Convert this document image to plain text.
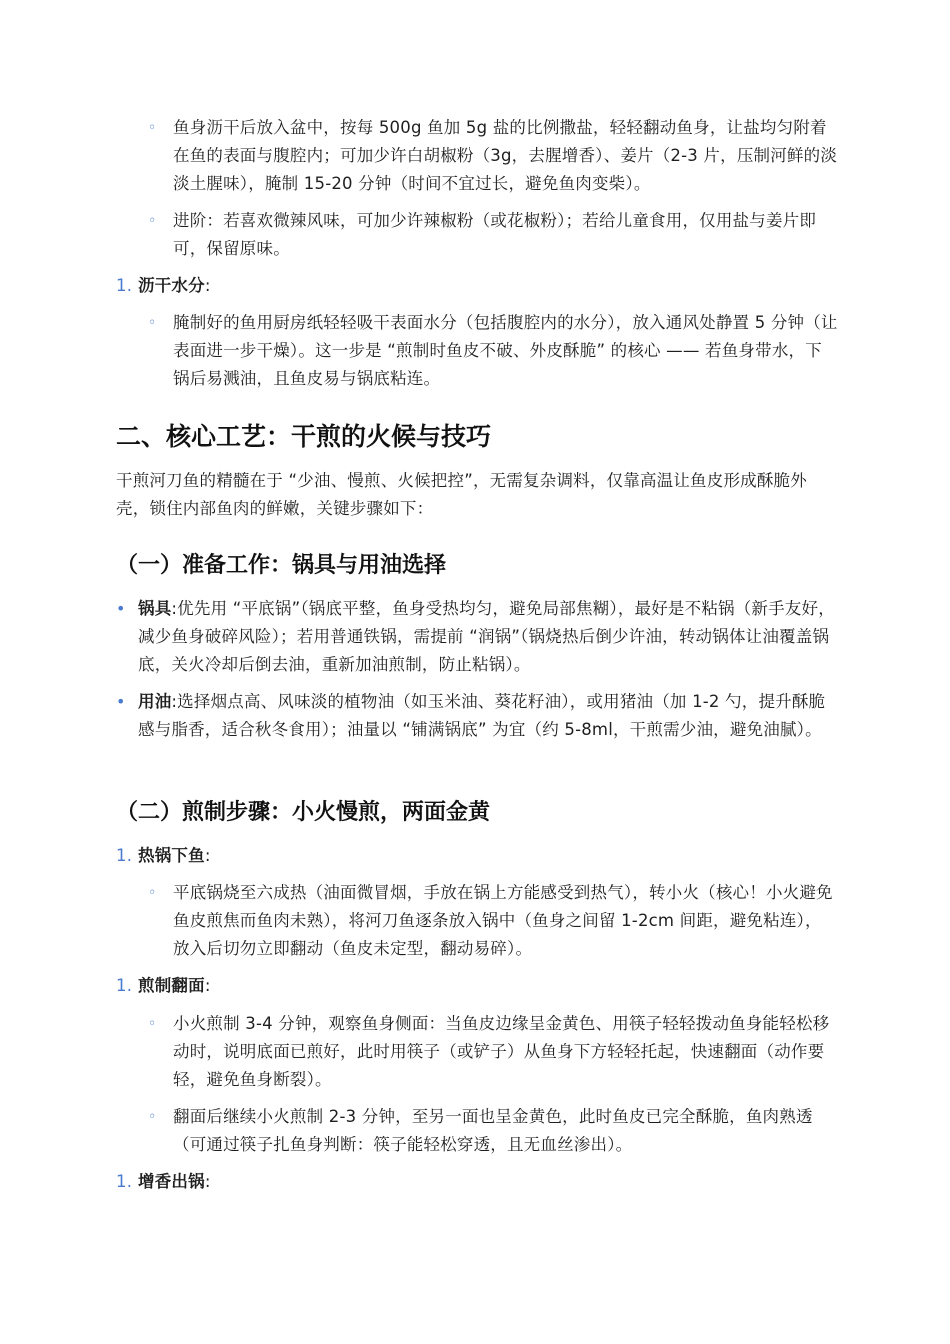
◦	鱼身沥干后放入盆中，按每 500g 鱼加 5g 盐的比例撒盐，轻轻翻动鱼身，让盐均匀附着在鱼的表面与腹腔内；可加少许白胡椒粉（3g，去腥增香）、姜片（2-3 片，压制河鲜的淡淡土腥味），腌制 15-20 分钟（时间不宜过长，避免鱼肉变柴）。
◦	进阶：若喜欢微辣风味，可加少许辣椒粉（或花椒粉）；若给儿童食用，仅用盐与姜片即可，保留原味。
1. 沥干水分:
◦	腌制好的鱼用厨房纸轻轻吸干表面水分（包括腹腔内的水分），放入通风处静置 5 分钟（让表面进一步干燥）。这一步是 “煎制时鱼皮不破、外皮酥脆” 的核心 —— 若鱼身带水，下锅后易溅油，且鱼皮易与锅底粘连。
二、核心工艺：干煎的火候与技巧
干煎河刀鱼的精髓在于 “少油、慢煎、火候把控”，无需复杂调料，仅靠高温让鱼皮形成酥脆外壳，锁住内部鱼肉的鲜嫩，关键步骤如下：
（一）准备工作：锅具与用油选择
• 锅具:优先用 “平底锅”（锅底平整，鱼身受热均匀，避免局部焦糊），最好是不粘锅（新手友好，减少鱼身破碎风险）；若用普通铁锅，需提前 “润锅”（锅烧热后倒少许油，转动锅体让油覆盖锅底，关火冷却后倒去油，重新加油煎制，防止粘锅）。
• 用油:选择烟点高、风味淡的植物油（如玉米油、葵花籽油），或用猪油（加 1-2 勺，提升酥脆感与脂香，适合秋冬食用）；油量以 “铺满锅底” 为宜（约 5-8ml，干煎需少油，避免油腻）。
（二）煎制步骤：小火慢煎，两面金黄
1. 热锅下鱼:
◦	平底锅烧至六成热（油面微冒烟，手放在锅上方能感受到热气），转小火（核心！小火避免鱼皮煎焦而鱼肉未熟），将河刀鱼逐条放入锅中（鱼身之间留 1-2cm 间距，避免粘连），放入后切勿立即翻动（鱼皮未定型，翻动易碎）。
1. 煎制翻面:
◦	小火煎制 3-4 分钟，观察鱼身侧面：当鱼皮边缘呈金黄色、用筷子轻轻拨动鱼身能轻松移动时，说明底面已煎好，此时用筷子（或铲子）从鱼身下方轻轻托起，快速翻面（动作要轻，避免鱼身断裂）。
◦	翻面后继续小火煎制 2-3 分钟，至另一面也呈金黄色，此时鱼皮已完全酥脆，鱼肉熟透（可通过筷子扎鱼身判断：筷子能轻松穿透，且无血丝渗出）。
1. 增香出锅:
